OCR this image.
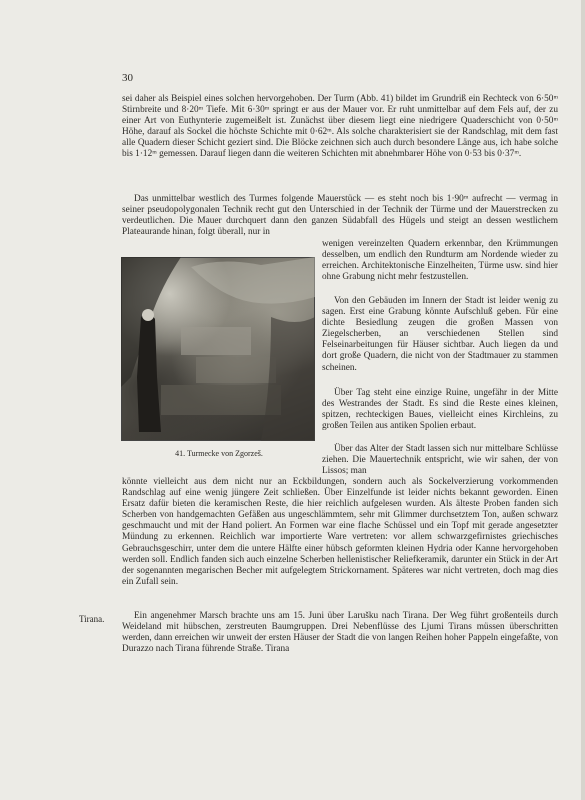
30

sei daher als Beispiel eines solchen hervorgehoben. Der Turm (Abb. 41) bildet im Grundriß ein Rechteck von 6·50ᵐ Stirnbreite und 8·20ᵐ Tiefe. Mit 6·30ᵐ springt er aus der Mauer vor. Er ruht unmittelbar auf dem Fels auf, der zu einer Art von Euthynterie zugemeißelt ist. Zunächst über diesem liegt eine niedrigere Quaderschicht von 0·50ᵐ Höhe, darauf als Sockel die höchste Schichte mit 0·62ᵐ. Als solche charakterisiert sie der Randschlag, mit dem fast alle Quadern dieser Schicht geziert sind. Die Blöcke zeichnen sich auch durch besondere Länge aus, ich habe solche bis 1·12ᵐ gemessen. Darauf liegen dann die weiteren Schichten mit abnehmbarer Höhe von 0·53 bis 0·37ᵐ.

Das unmittelbar westlich des Turmes folgende Mauerstück — es steht noch bis 1·90ᵐ aufrecht — vermag in seiner pseudopolygonalen Technik recht gut den Unterschied in der Technik der Türme und der Mauerstrecken zu verdeutlichen. Die Mauer durchquert dann den ganzen Südabfall des Hügels und steigt an dessen westlichem Plateaurande hinan, folgt überall, nur in

41. Turmecke von Zgorzeš.

wenigen vereinzelten Quadern erkennbar, den Krümmungen desselben, um endlich den Rundturm am Nordende wieder zu erreichen. Architektonische Einzelheiten, Türme usw. sind hier ohne Grabung nicht mehr festzustellen.

Von den Gebäuden im Innern der Stadt ist leider wenig zu sagen. Erst eine Grabung könnte Aufschluß geben. Für eine dichte Besiedlung zeugen die großen Massen von Ziegelscherben, an verschiedenen Stellen sind Felseinarbeitungen für Häuser sichtbar. Auch liegen da und dort große Quadern, die nicht von der Stadtmauer zu stammen scheinen.

Über Tag steht eine einzige Ruine, ungefähr in der Mitte des Westrandes der Stadt. Es sind die Reste eines kleinen, spitzen, rechteckigen Baues, vielleicht eines Kirchleins, zu großen Teilen aus antiken Spolien erbaut.

Über das Alter der Stadt lassen sich nur mittelbare Schlüsse ziehen. Die Mauertechnik entspricht, wie wir sahen, der von Lissos; man

könnte vielleicht aus dem nicht nur an Eckbildungen, sondern auch als Sockelverzierung vorkommenden Randschlag auf eine wenig jüngere Zeit schließen. Über Einzelfunde ist leider nichts bekannt geworden. Einen Ersatz dafür bieten die keramischen Reste, die hier reichlich aufgelesen wurden. Als älteste Proben fanden sich Scherben von handgemachten Gefäßen aus ungeschlämmtem, sehr mit Glimmer durchsetztem Ton, außen schwarz geschmaucht und mit der Hand poliert. An Formen war eine flache Schüssel und ein Topf mit gerade angesetzter Mündung zu erkennen. Reichlich war importierte Ware vertreten: vor allem schwarzgefirnistes griechisches Gebrauchsgeschirr, unter dem die untere Hälfte einer hübsch geformten kleinen Hydria oder Kanne hervorgehoben werden soll. Endlich fanden sich auch einzelne Scherben hellenistischer Reliefkeramik, darunter ein Stück in der Art der sogenannten megarischen Becher mit aufgelegtem Strickornament. Späteres war nicht vertreten, doch mag dies ein Zufall sein.

Tirana.	Ein angenehmer Marsch brachte uns am 15. Juni über Larušku nach Tirana. Der Weg führt großenteils durch Weideland mit hübschen, zerstreuten Baumgruppen. Drei Nebenflüsse des Ljumi Tirans müssen überschritten werden, dann erreichen wir unweit der ersten Häuser der Stadt die von langen Reihen hoher Pappeln eingefaßte, von Durazzo nach Tirana führende Straße. Tirana
